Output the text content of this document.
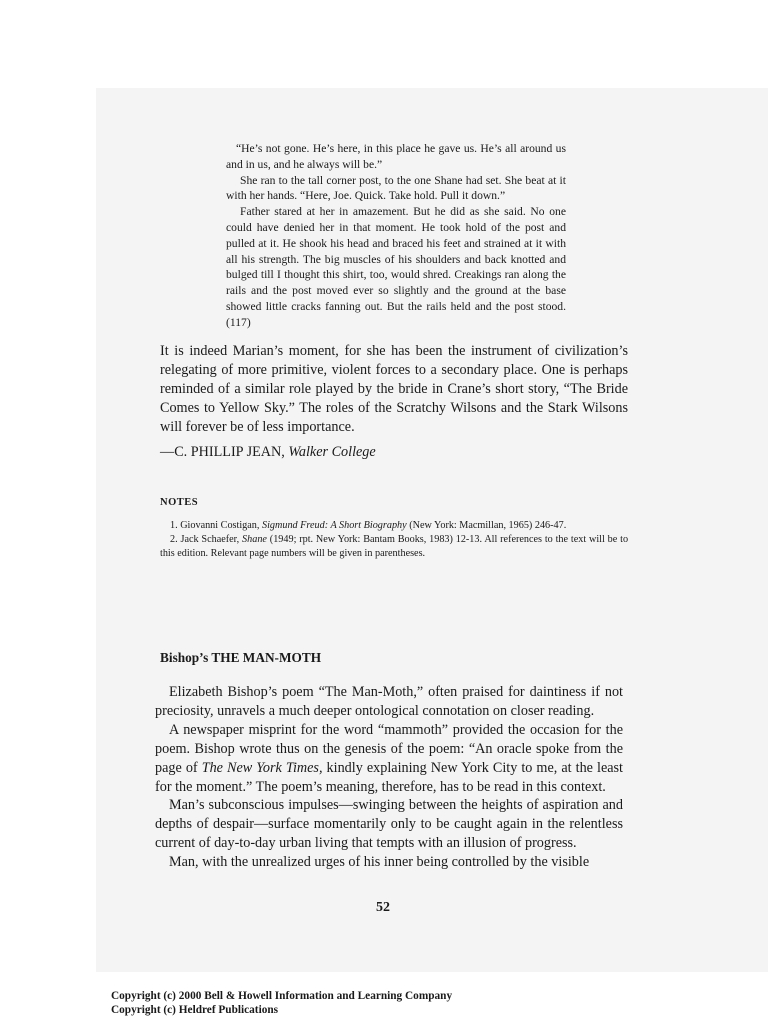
“He’s not gone. He’s here, in this place he gave us. He’s all around us and in us, and he always will be.”

She ran to the tall corner post, to the one Shane had set. She beat at it with her hands. “Here, Joe. Quick. Take hold. Pull it down.”

Father stared at her in amazement. But he did as she said. No one could have denied her in that moment. He took hold of the post and pulled at it. He shook his head and braced his feet and strained at it with all his strength. The big muscles of his shoulders and back knotted and bulged till I thought this shirt, too, would shred. Creakings ran along the rails and the post moved ever so slightly and the ground at the base showed little cracks fanning out. But the rails held and the post stood. (117)

It is indeed Marian’s moment, for she has been the instrument of civilization’s relegating of more primitive, violent forces to a secondary place. One is perhaps reminded of a similar role played by the bride in Crane’s short story, “The Bride Comes to Yellow Sky.” The roles of the Scratchy Wilsons and the Stark Wilsons will forever be of less importance.

—C. PHILLIP JEAN, Walker College

NOTES

1. Giovanni Costigan, Sigmund Freud: A Short Biography (New York: Macmillan, 1965) 246-47.
2. Jack Schaefer, Shane (1949; rpt. New York: Bantam Books, 1983) 12-13. All references to the text will be to this edition. Relevant page numbers will be given in parentheses.

Bishop’s THE MAN-MOTH

Elizabeth Bishop’s poem “The Man-Moth,” often praised for daintiness if not preciosity, unravels a much deeper ontological connotation on closer reading.

A newspaper misprint for the word “mammoth” provided the occasion for the poem. Bishop wrote thus on the genesis of the poem: “An oracle spoke from the page of The New York Times, kindly explaining New York City to me, at the least for the moment.” The poem’s meaning, therefore, has to be read in this context.

Man’s subconscious impulses—swinging between the heights of aspiration and depths of despair—surface momentarily only to be caught again in the relentless current of day-to-day urban living that tempts with an illusion of progress.

Man, with the unrealized urges of his inner being controlled by the visible

52

Copyright (c) 2000 Bell & Howell Information and Learning Company
Copyright (c) Heldref Publications
